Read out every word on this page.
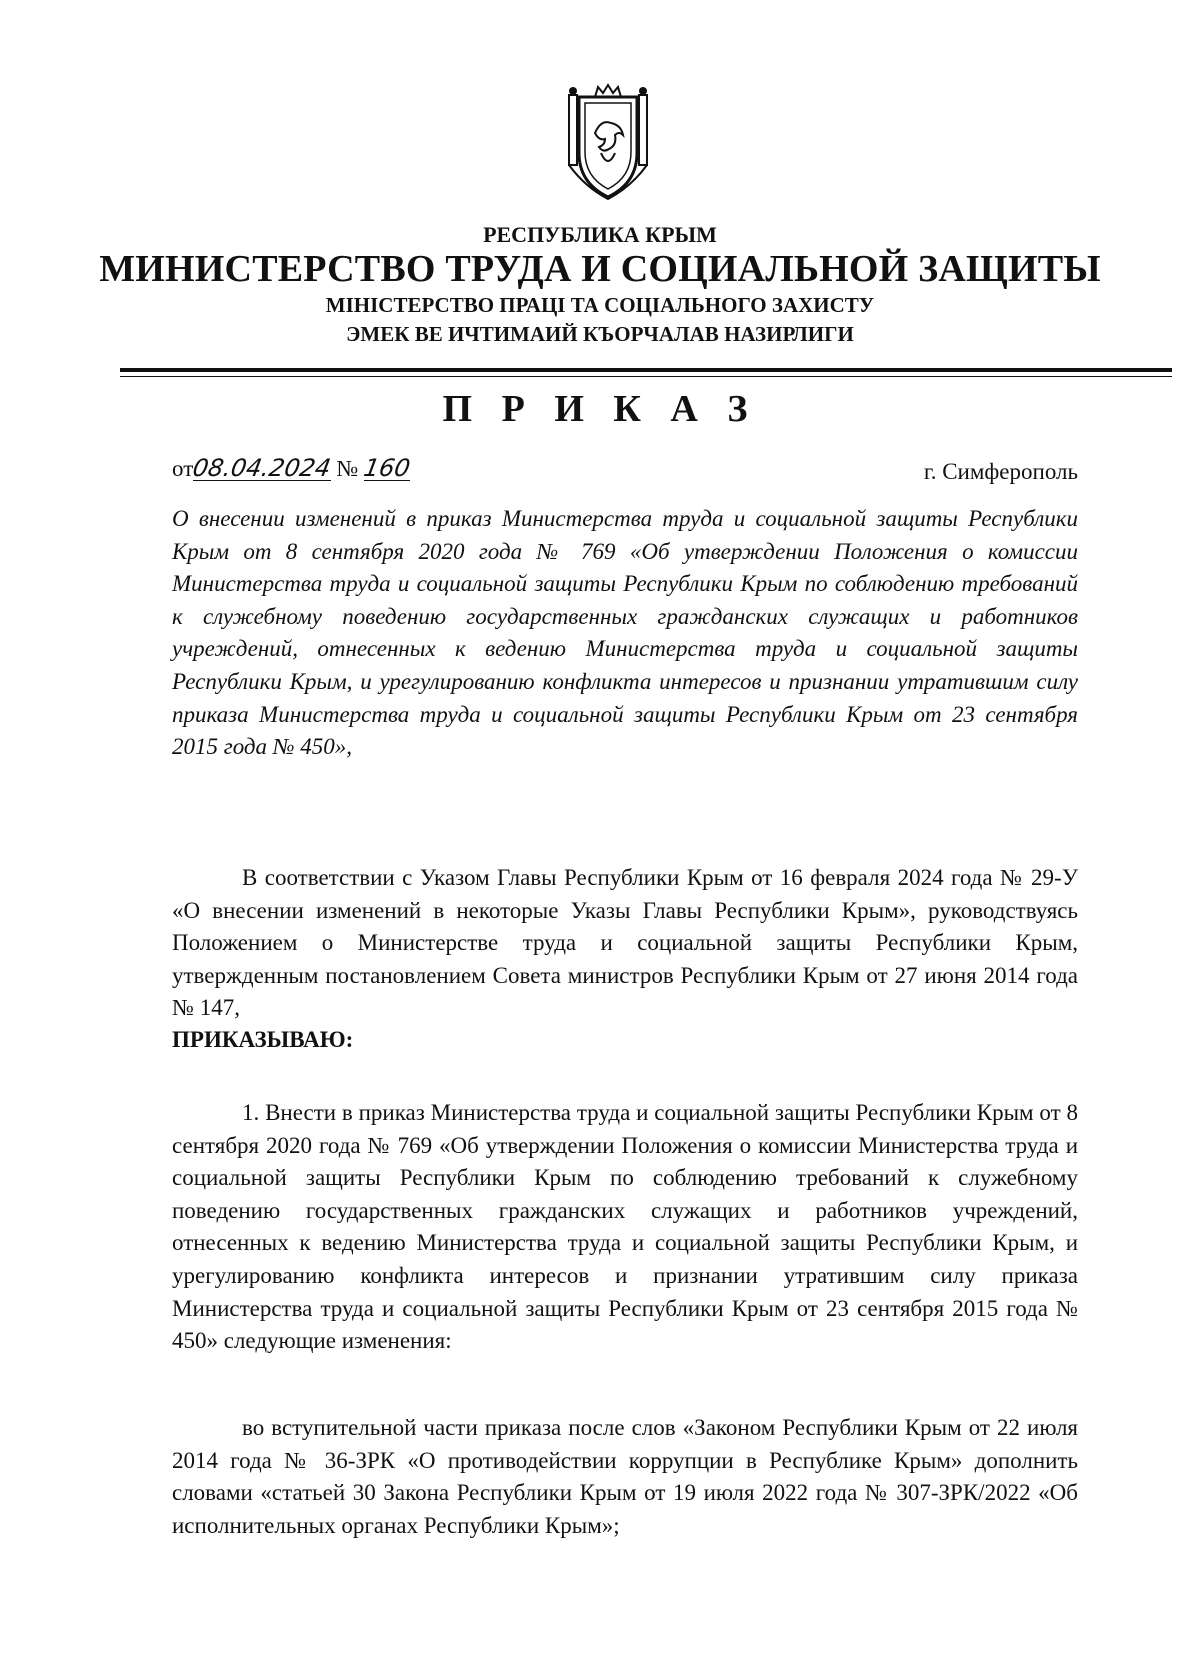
РЕСПУБЛИКА КРЫМ
МИНИСТЕРСТВО ТРУДА И СОЦИАЛЬНОЙ ЗАЩИТЫ
МІНІСТЕРСТВО ПРАЦІ ТА СОЦІАЛЬНОГО ЗАХИСТУ
ЭМЕК ВЕ ИЧТИМАИЙ КЪОРЧАЛАВ НАЗИРЛИГИ
П Р И К А З
от08.04.2024 № 160	г. Симферополь
О внесении изменений в приказ Министерства труда и социальной защиты Республики Крым от 8 сентября 2020 года № 769 «Об утверждении Положения о комиссии Министерства труда и социальной защиты Республики Крым по соблюдению требований к служебному поведению государственных гражданских служащих и работников учреждений, отнесенных к ведению Министерства труда и социальной защиты Республики Крым, и урегулированию конфликта интересов и признании утратившим силу приказа Министерства труда и социальной защиты Республики Крым от 23 сентября 2015 года № 450»,
В соответствии с Указом Главы Республики Крым от 16 февраля 2024 года № 29-У «О внесении изменений в некоторые Указы Главы Республики Крым», руководствуясь Положением о Министерстве труда и социальной защиты Республики Крым, утвержденным постановлением Совета министров Республики Крым от 27 июня 2014 года № 147,
ПРИКАЗЫВАЮ:
1. Внести в приказ Министерства труда и социальной защиты Республики Крым от 8 сентября 2020 года № 769 «Об утверждении Положения о комиссии Министерства труда и социальной защиты Республики Крым по соблюдению требований к служебному поведению государственных гражданских служащих и работников учреждений, отнесенных к ведению Министерства труда и социальной защиты Республики Крым, и урегулированию конфликта интересов и признании утратившим силу приказа Министерства труда и социальной защиты Республики Крым от 23 сентября 2015 года № 450» следующие изменения:
во вступительной части приказа после слов «Законом Республики Крым от 22 июля 2014 года № 36-ЗРК «О противодействии коррупции в Республике Крым» дополнить словами «статьей 30 Закона Республики Крым от 19 июля 2022 года № 307-ЗРК/2022 «Об исполнительных органах Республики Крым»;
